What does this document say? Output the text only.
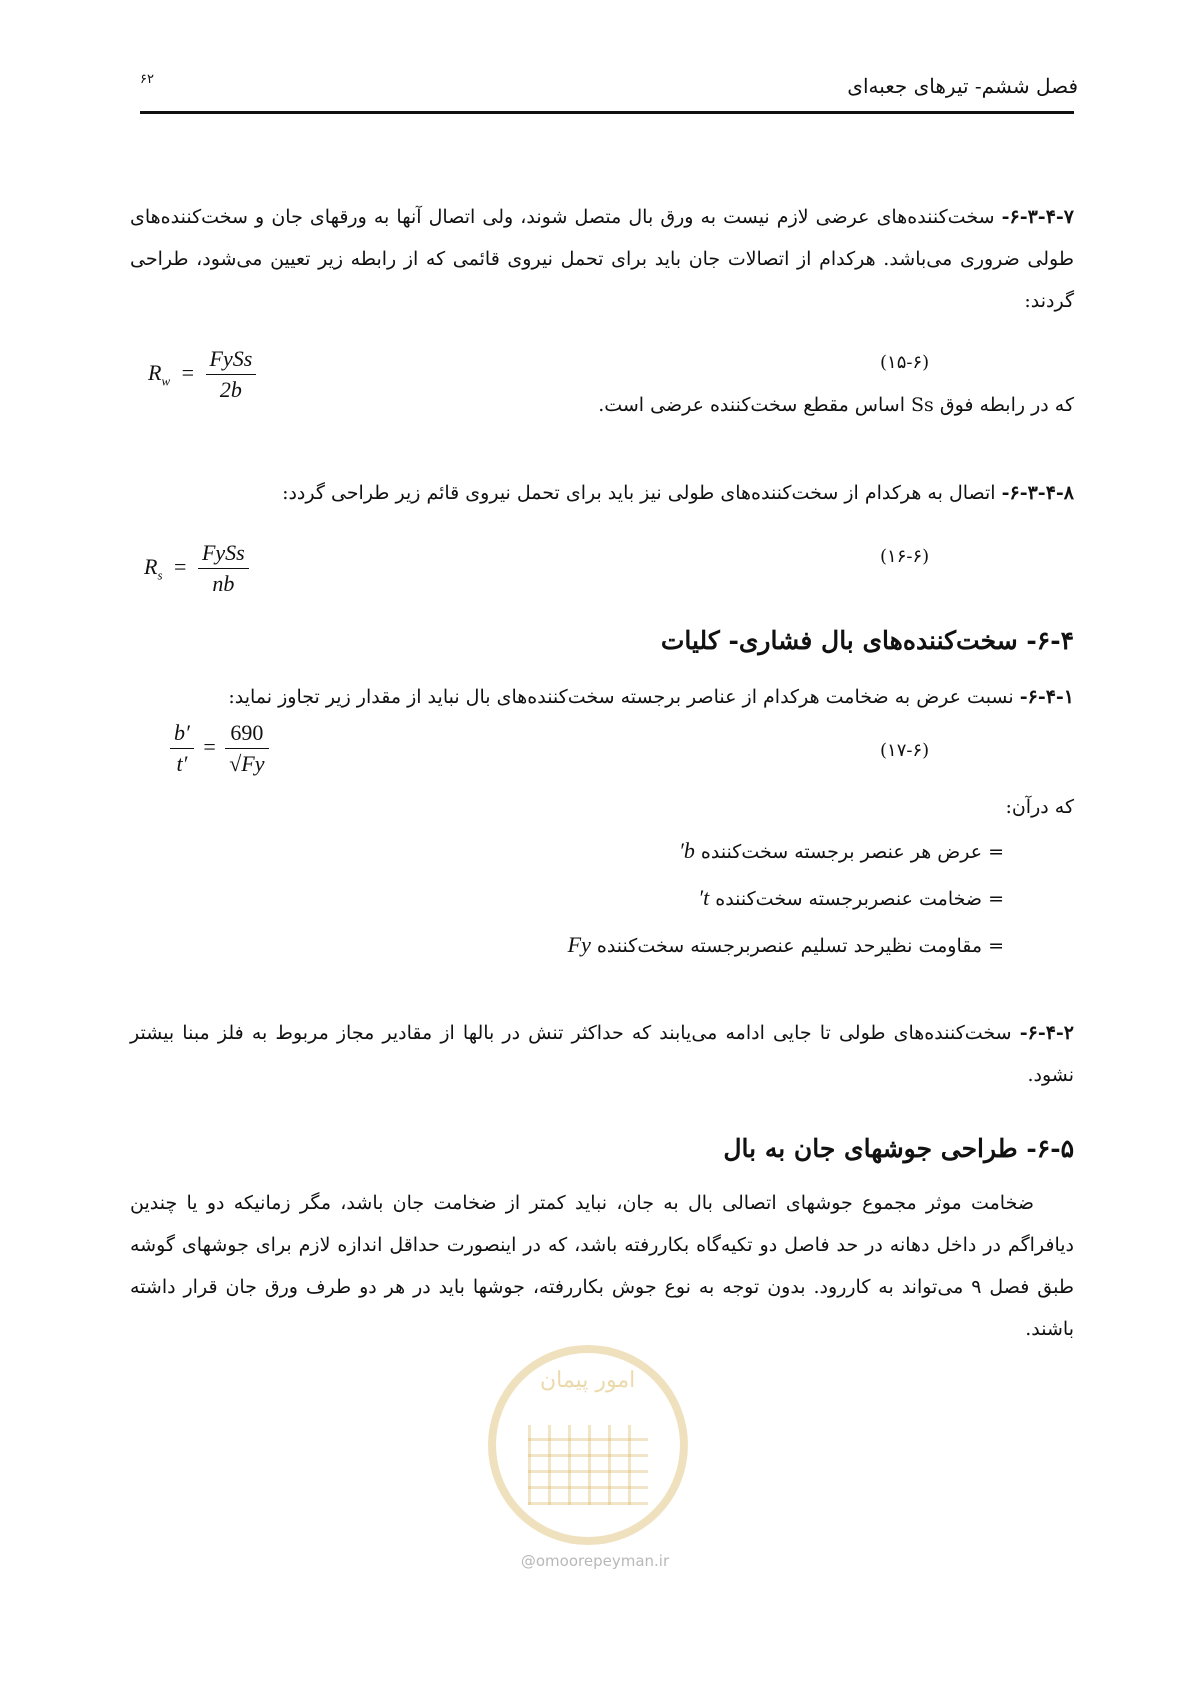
فصل ششم- تیرهای جعبه‌ای
۶۲
۶-۳-۴-۷- سخت‌کننده‌های عرضی لازم نیست به ورق بال متصل شوند، ولی اتصال آنها به ورقهای جان و سخت‌کننده‌های طولی ضروری می‌باشد. هرکدام از اتصالات جان باید برای تحمل نیروی قائمی که از رابطه زیر تعیین می‌شود، طراحی گردند:
$R_w = \frac{\text{FySs}}{2b}$	(۱۵-۶)
که در رابطه فوق Ss اساس مقطع سخت‌کننده عرضی است.
۶-۳-۴-۸- اتصال به هرکدام از سخت‌کننده‌های طولی نیز باید برای تحمل نیروی قائم زیر طراحی گردد:
$R_s = \frac{\text{FySs}}{nb}$	(۱۶-۶)
۶-۴- سخت‌کننده‌های بال فشاری- کلیات
۶-۴-۱- نسبت عرض به ضخامت هرکدام از عناصر برجسته سخت‌کننده‌های بال نباید از مقدار زیر تجاوز نماید:
$\frac{b'}{t'} = \frac{690}{√Fy}$	(۱۷-۶)
که درآن:
= عرض هر عنصر برجسته سخت‌کننده b′
= ضخامت عنصربرجسته سخت‌کننده t′
= مقاومت نظیرحد تسلیم عنصربرجسته سخت‌کننده Fy
۶-۴-۲- سخت‌کننده‌های طولی تا جایی ادامه می‌یابند که حداکثر تنش در بالها از مقادیر مجاز مربوط به فلز مبنا بیشتر نشود.
۶-۵- طراحی جوشهای جان به بال
ضخامت موثر مجموع جوشهای اتصالی بال به جان، نباید کمتر از ضخامت جان باشد، مگر زمانیکه دو یا چندین دیافراگم در داخل دهانه در حد فاصل دو تکیه‌گاه بکاررفته باشد، که در اینصورت حداقل اندازه لازم برای جوشهای گوشه طبق فصل ۹ می‌تواند به کاررود. بدون توجه به نوع جوش بکاررفته، جوشها باید در هر دو طرف ورق جان قرار داشته باشند.
امور پیمان
@omoorepeyman.ir
